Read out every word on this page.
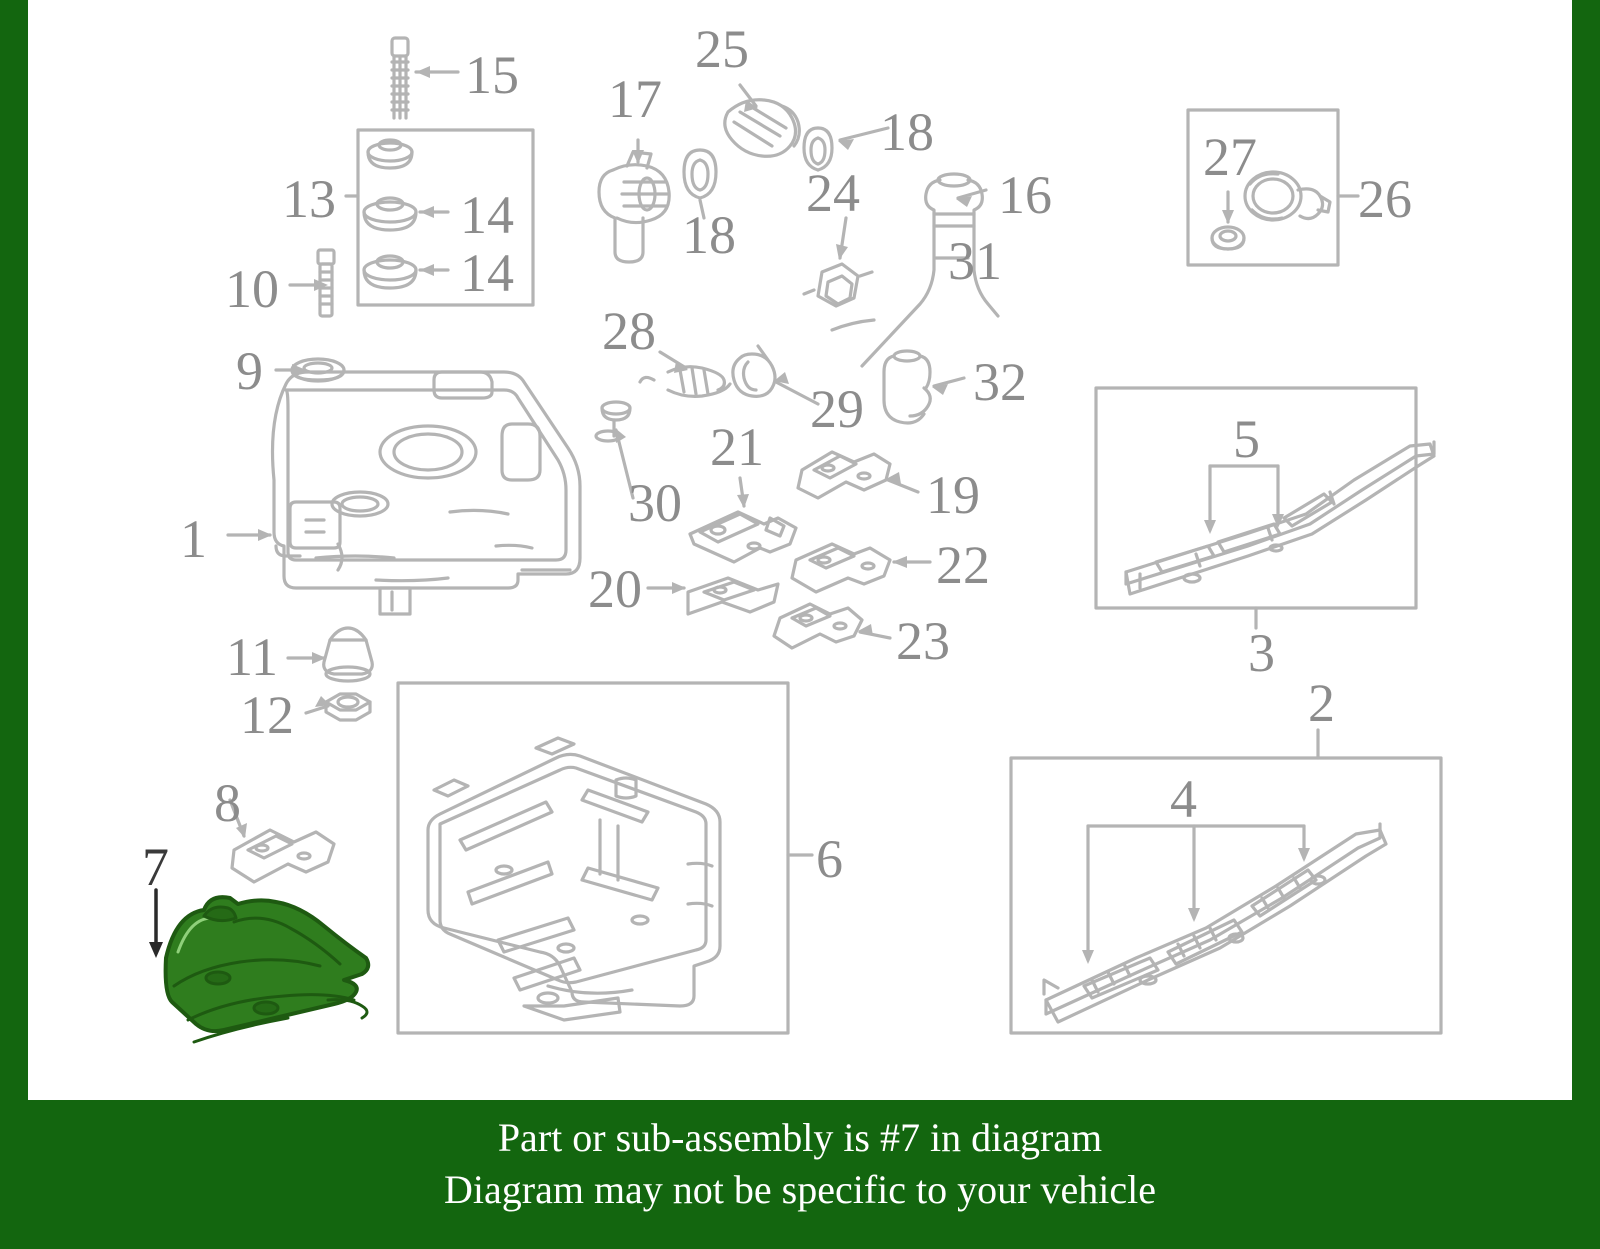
15 17
25
18
13 14	24	16
27
26
10	14
18	31
28
9
29 32
5
21
30	19
1	22
20
3
23
11
2
12
4
8
6
7
Part or sub-assembly is #7 in diagram
Diagram may not be specific to your vehicle
